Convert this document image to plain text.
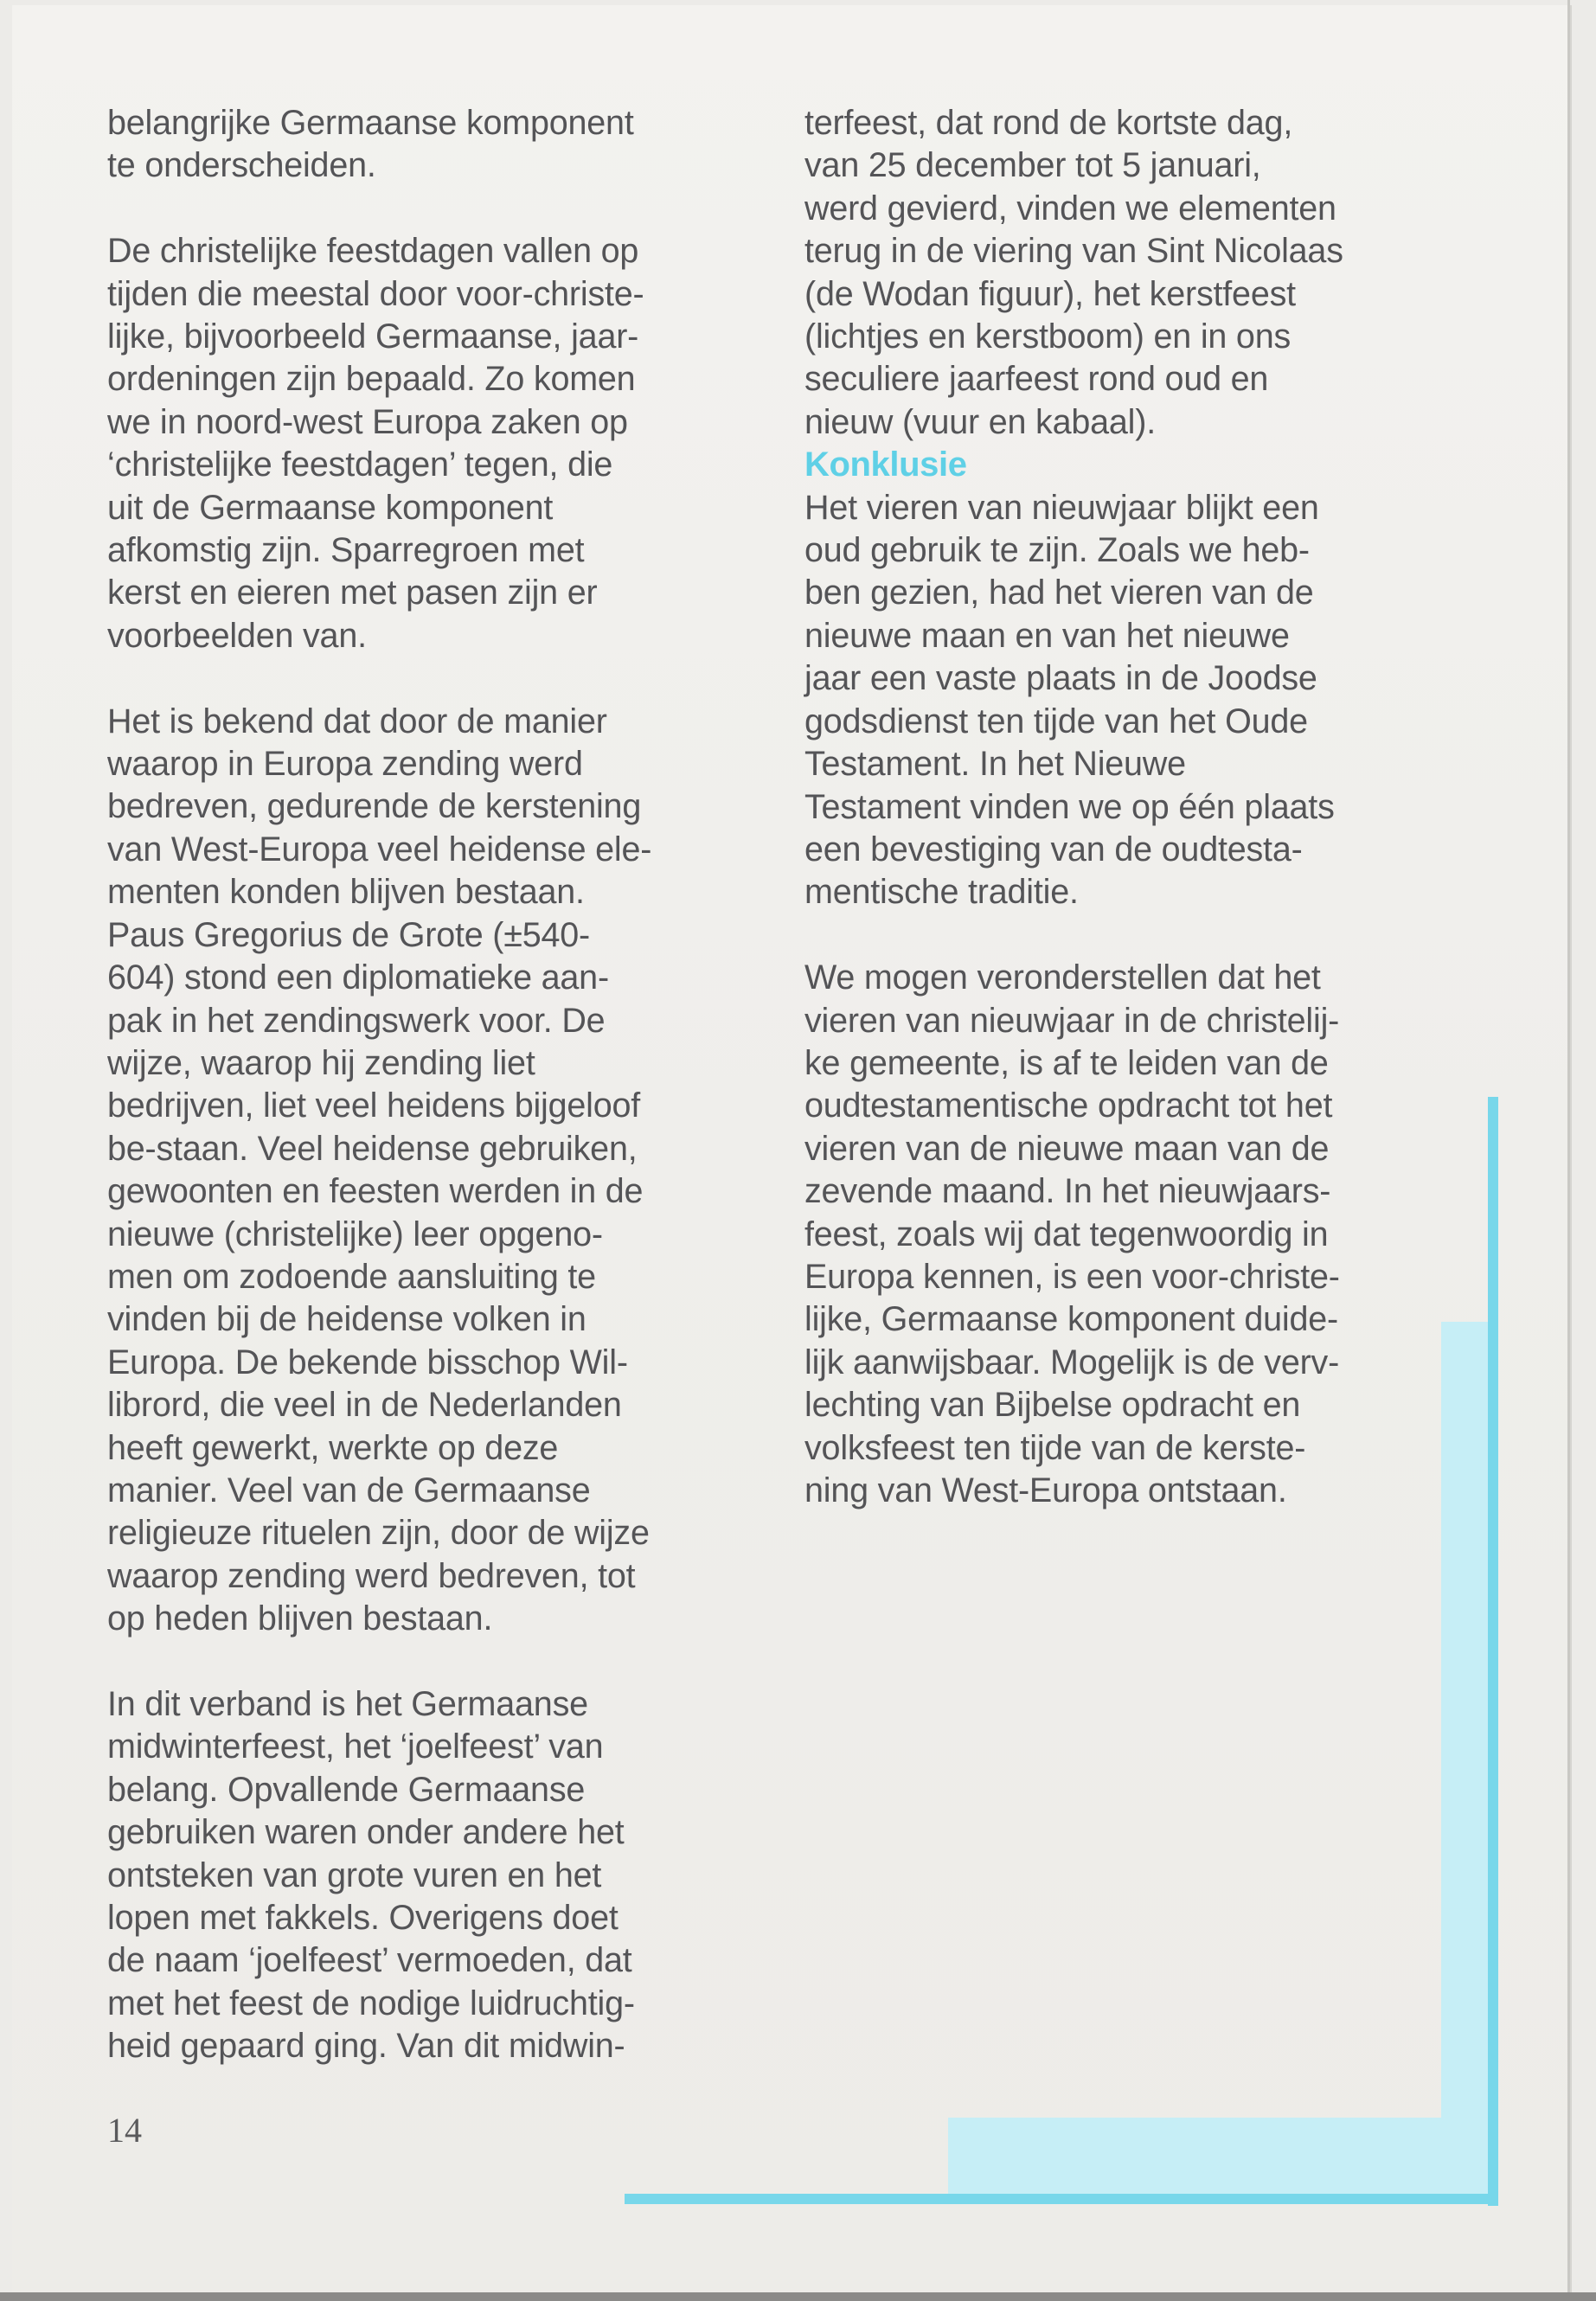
belangrijke Germaanse komponent
te onderscheiden.

De christelijke feestdagen vallen op
tijden die meestal door voor-christe-
lijke, bijvoorbeeld Germaanse, jaar-
ordeningen zijn bepaald. Zo komen
we in noord-west Europa zaken op
‘christelijke feestdagen’ tegen, die
uit de Germaanse komponent
afkomstig zijn. Sparregroen met
kerst en eieren met pasen zijn er
voorbeelden van.

Het is bekend dat door de manier
waarop in Europa zending werd
bedreven, gedurende de kerstening
van West-Europa veel heidense ele-
menten konden blijven bestaan.
Paus Gregorius de Grote (±540-
604) stond een diplomatieke aan-
pak in het zendingswerk voor. De
wijze, waarop hij zending liet
bedrijven, liet veel heidens bijgeloof
be-staan. Veel heidense gebruiken,
gewoonten en feesten werden in de
nieuwe (christelijke) leer opgeno-
men om zodoende aansluiting te
vinden bij de heidense volken in
Europa. De bekende bisschop Wil-
librord, die veel in de Nederlanden
heeft gewerkt, werkte op deze
manier. Veel van de Germaanse
religieuze rituelen zijn, door de wijze
waarop zending werd bedreven, tot
op heden blijven bestaan.

In dit verband is het Germaanse
midwinterfeest, het ‘joelfeest’ van
belang. Opvallende Germaanse
gebruiken waren onder andere het
ontsteken van grote vuren en het
lopen met fakkels. Overigens doet
de naam ‘joelfeest’ vermoeden, dat
met het feest de nodige luidruchtig-
heid gepaard ging. Van dit midwin-

terfeest, dat rond de kortste dag,
van 25 december tot 5 januari,
werd gevierd, vinden we elementen
terug in de viering van Sint Nicolaas
(de Wodan figuur), het kerstfeest
(lichtjes en kerstboom) en in ons
seculiere jaarfeest rond oud en
nieuw (vuur en kabaal).

Konklusie

Het vieren van nieuwjaar blijkt een
oud gebruik te zijn. Zoals we heb-
ben gezien, had het vieren van de
nieuwe maan en van het nieuwe
jaar een vaste plaats in de Joodse
godsdienst ten tijde van het Oude
Testament. In het Nieuwe
Testament vinden we op één plaats
een bevestiging van de oudtesta-
mentische traditie.

We mogen veronderstellen dat het
vieren van nieuwjaar in de christelij-
ke gemeente, is af te leiden van de
oudtestamentische opdracht tot het
vieren van de nieuwe maan van de
zevende maand. In het nieuwjaars-
feest, zoals wij dat tegenwoordig in
Europa kennen, is een voor-christe-
lijke, Germaanse komponent duide-
lijk aanwijsbaar. Mogelijk is de verv-
lechting van Bijbelse opdracht en
volksfeest ten tijde van de kerste-
ning van West-Europa ontstaan.

14
